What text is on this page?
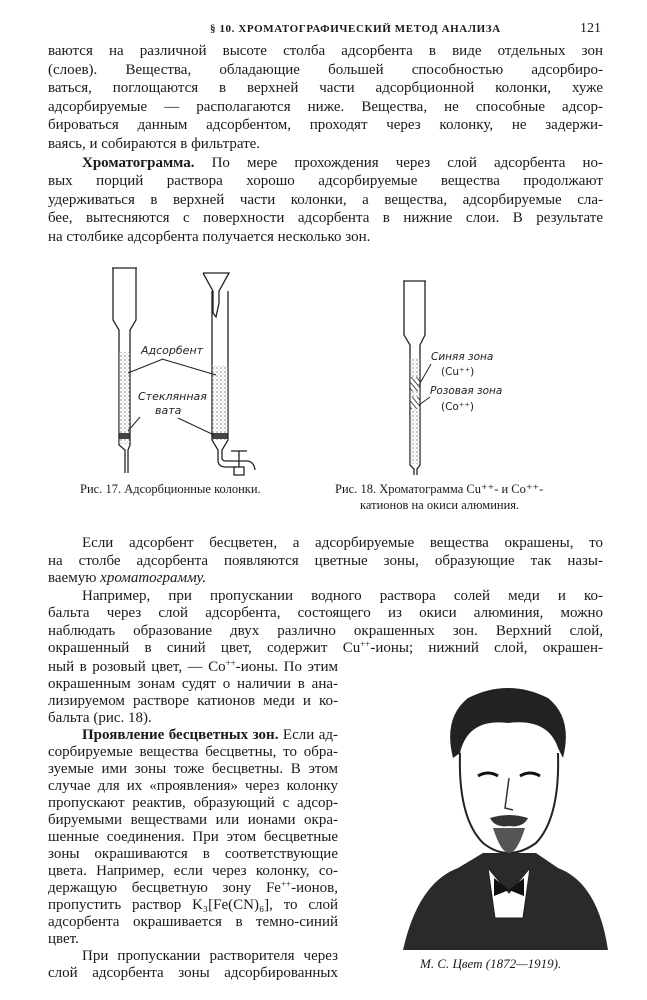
§ 10. ХРОМАТОГРАФИЧЕСКИЙ МЕТОД АНАЛИЗА	121
ваются на различной высоте столба адсорбента в виде отдельных зон
(слоев). Вещества, обладающие большей способностью адсорбиро-
ваться, поглощаются в верхней части адсорбционной колонки, хуже
адсорбируемые — располагаются ниже. Вещества, не способные адсор-
бироваться данным адсорбентом, проходят через колонку, не задержи-
ваясь, и собираются в фильтрате.
Хроматограмма. По мере прохождения через слой адсорбента но-
вых порций раствора хорошо адсорбируемые вещества продолжают
удерживаться в верхней части колонки, а вещества, адсорбируемые сла-
бее, вытесняются с поверхности адсорбента в нижние слои. В результате
на столбике адсорбента получается несколько зон.
Адсорбент
Стеклянная
вата
Синяя зона
(Cu⁺⁺)
Розовая зона
(Co⁺⁺)
Рис. 17. Адсорбционные колонки.	Рис. 18. Хроматограмма Cu⁺⁺- и Co⁺⁺-
катионов на окиси алюминия.
Если адсорбент бесцветен, а адсорбируемые вещества окрашены, то
на столбе адсорбента появляются цветные зоны, образующие так назы-
ваемую хроматограмму.
Например, при пропускании водного раствора солей меди и ко-
бальта через слой адсорбента, состоящего из окиси алюминия, можно
наблюдать образование двух различно окрашенных зон. Верхний слой,
окрашенный в синий цвет, содержит Cu++-ионы; нижний слой, окрашен-
ный в розовый цвет, — Co++-ионы. По этим
окрашенным зонам судят о наличии в ана-
лизируемом растворе катионов меди и ко-
бальта (рис. 18).
Проявление бесцветных зон. Если ад-
сорбируемые вещества бесцветны, то обра-
зуемые ими зоны тоже бесцветны. В этом
случае для их «проявления» через колонку
пропускают реактив, образующий с адсор-
бируемыми веществами или ионами окра-
шенные соединения. При этом бесцветные
зоны окрашиваются в соответствующие
цвета. Например, если через колонку, со-
держащую бесцветную зону Fe++-ионов,
пропустить раствор K₃[Fe(CN)₆], то слой
адсорбента окрашивается в темно-синий
цвет.
При пропускании растворителя через
слой адсорбента зоны адсорбированных
М. С. Цвет (1872—1919).
